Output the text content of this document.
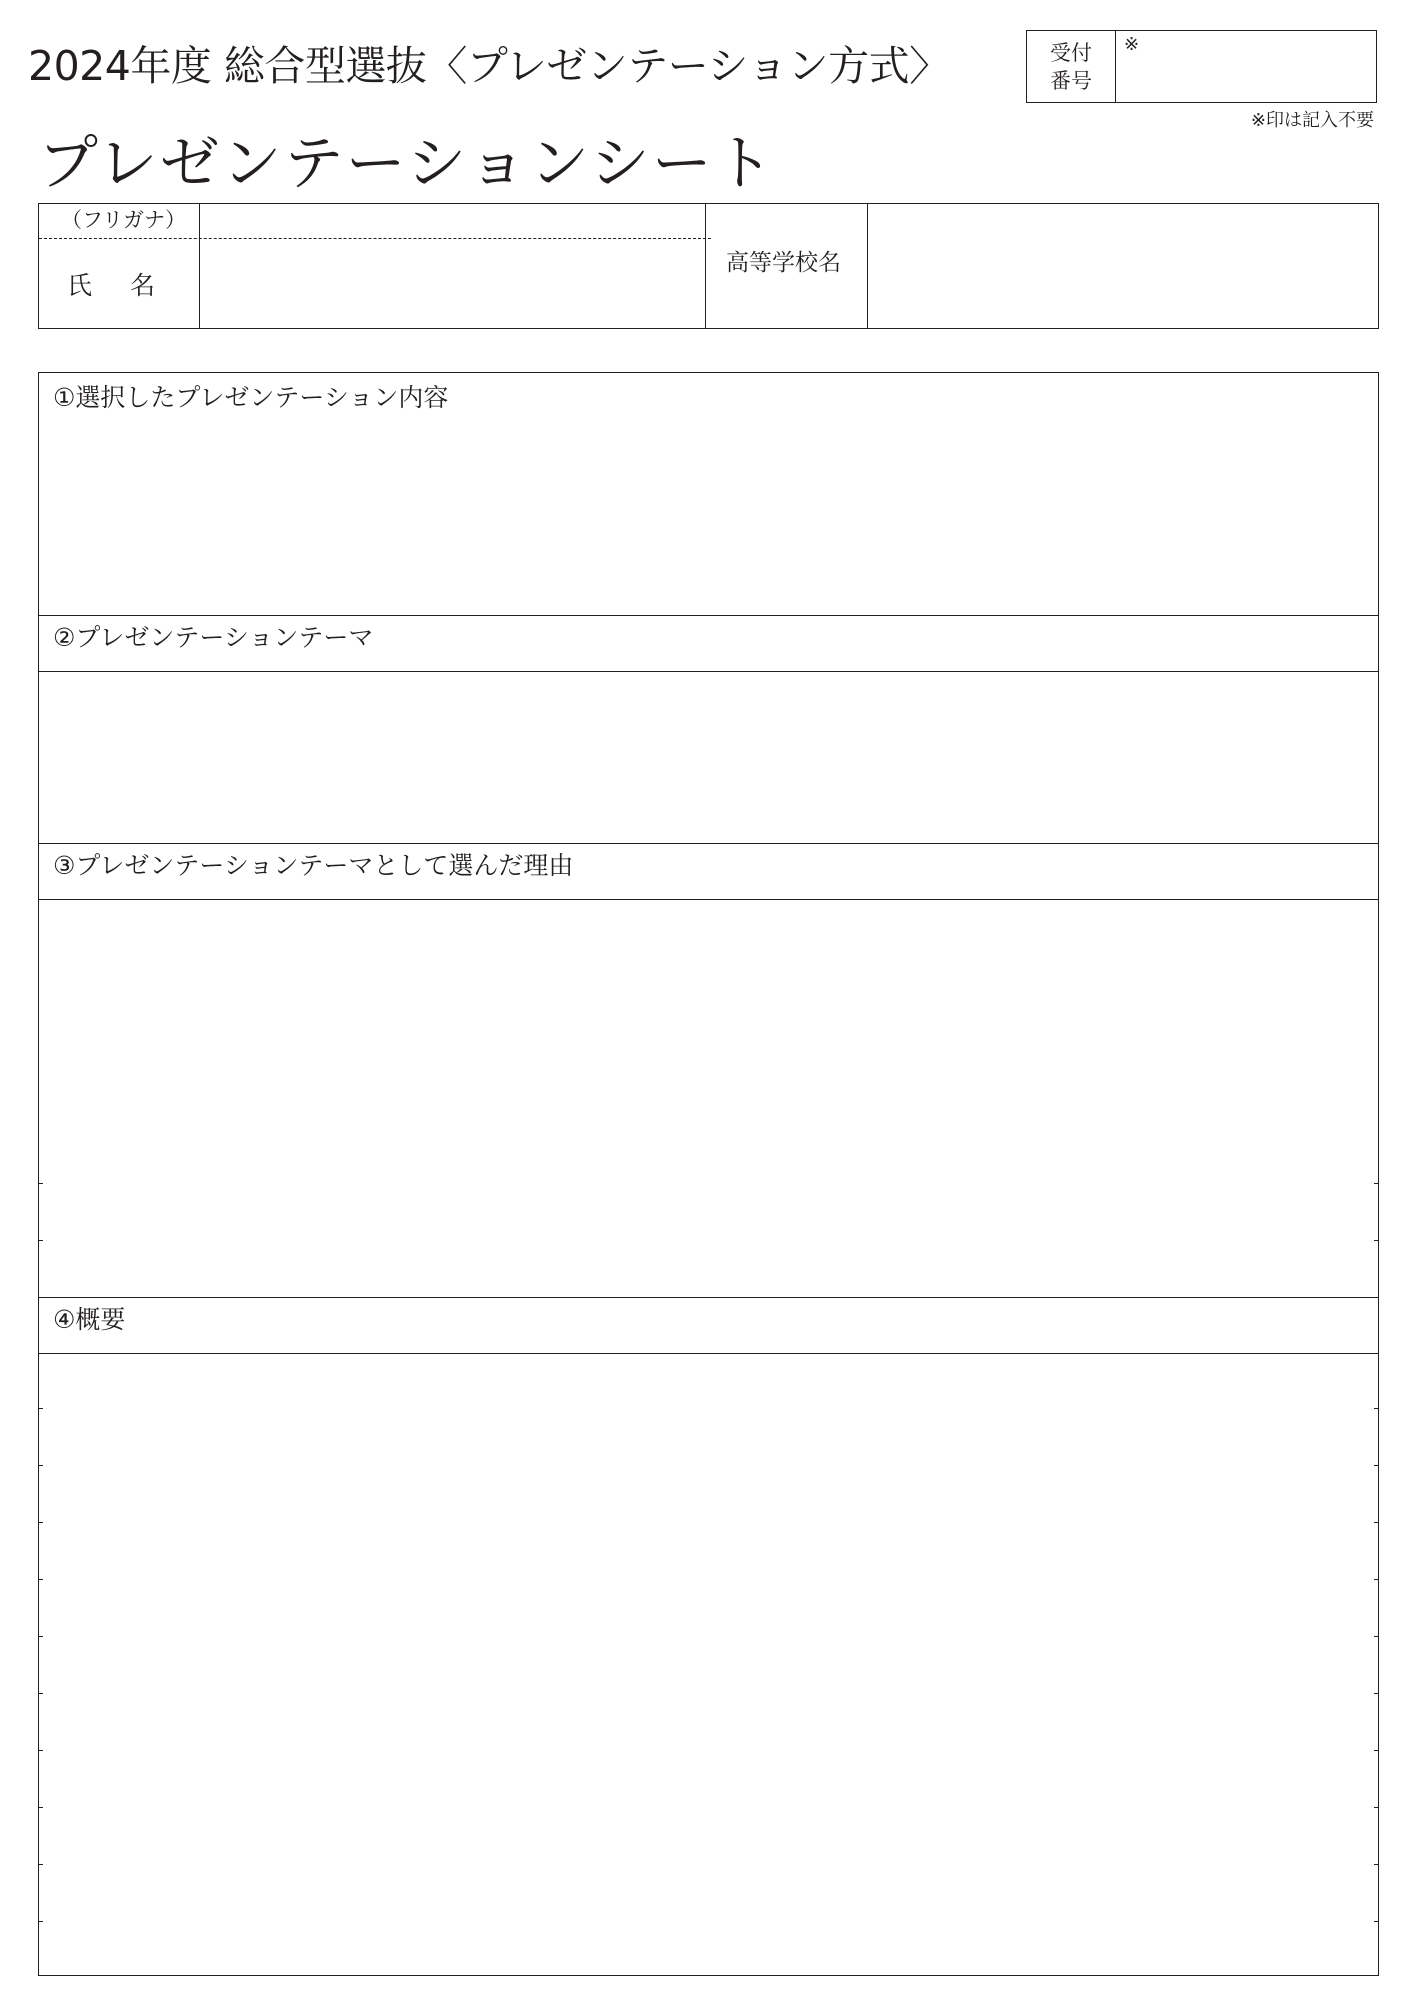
2024年度 総合型選抜〈プレゼンテーション方式〉	受付
番号
※
※印は記入不要
プレゼンテーションシート
（フリガナ）
氏名
高等学校名
①選択したプレゼンテーション内容
②プレゼンテーションテーマ
③プレゼンテーションテーマとして選んだ理由
④概要
